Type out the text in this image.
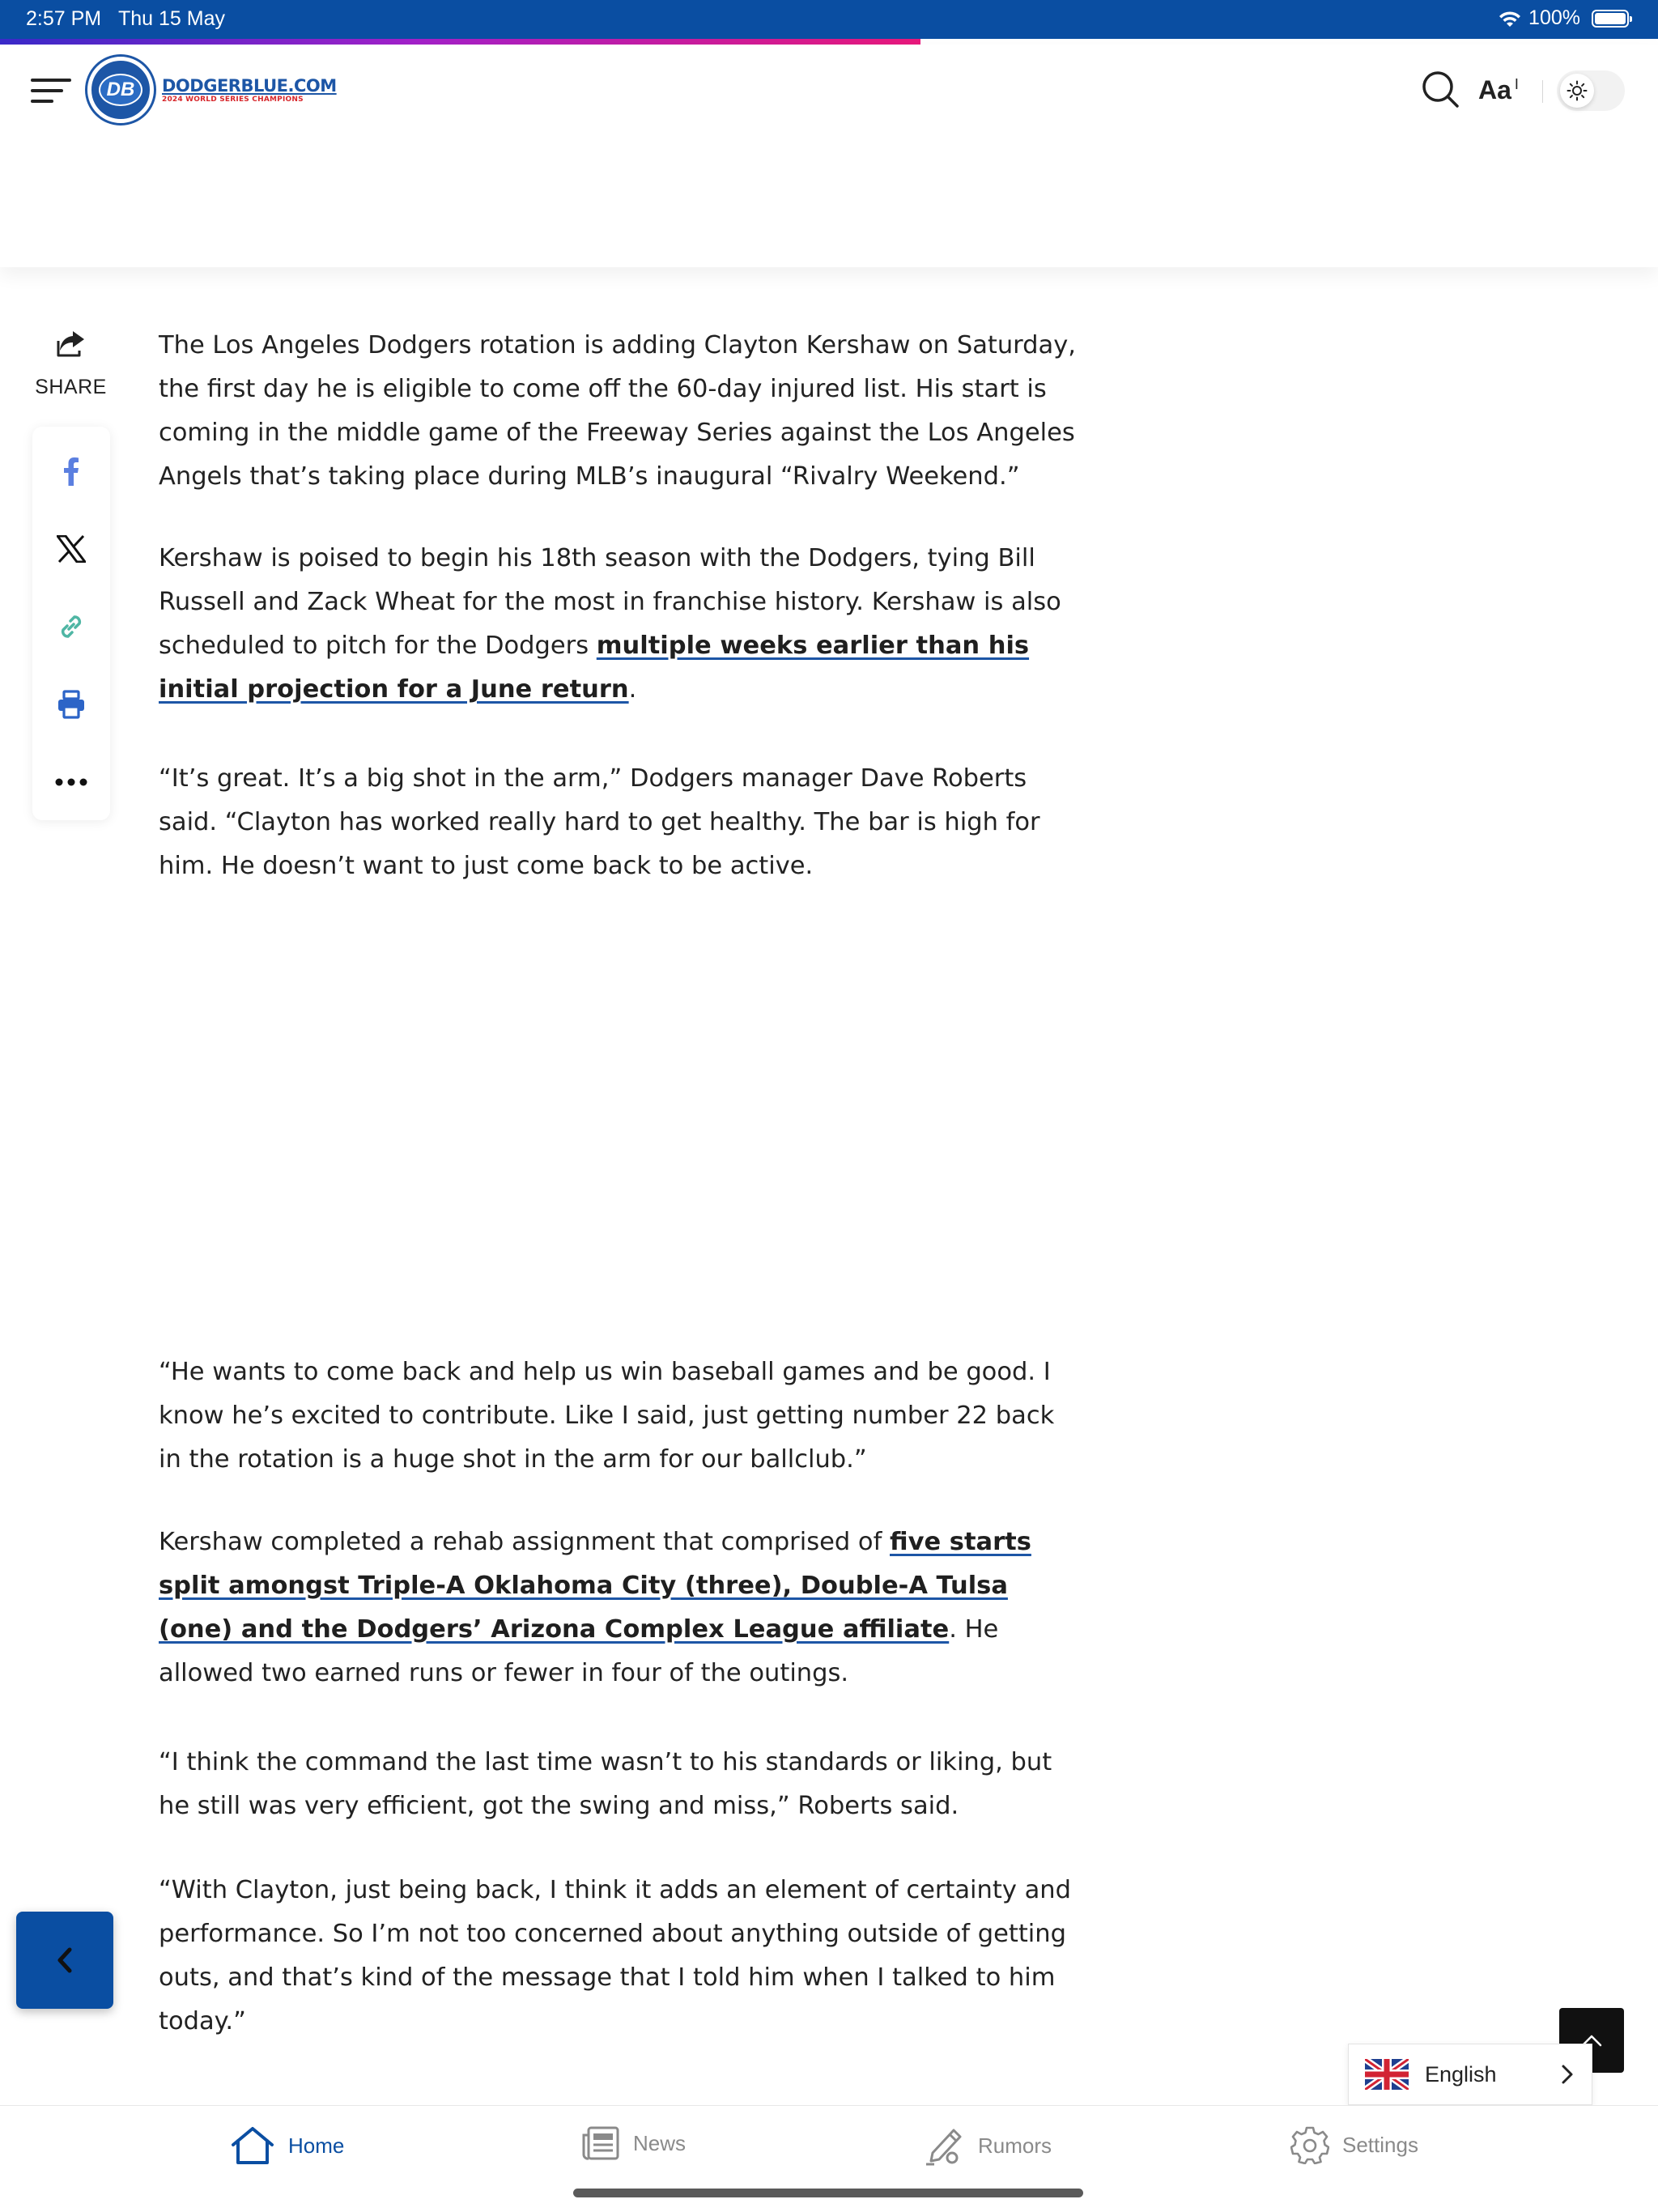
2:57 PM Thu 15 May	100%
DB	DODGERBLUE.COM
2024 WORLD SERIES CHAMPIONS	Aa $^I$
SHARE

The Los Angeles Dodgers rotation is adding Clayton Kershaw on Saturday, the first day he is eligible to come off the 60-day injured list. His start is coming in the middle game of the Freeway Series against the Los Angeles Angels that’s taking place during MLB’s inaugural “Rivalry Weekend.”

Kershaw is poised to begin his 18th season with the Dodgers, tying Bill Russell and Zack Wheat for the most in franchise history. Kershaw is also scheduled to pitch for the Dodgers multiple weeks earlier than his initial projection for a June return.

“It’s great. It’s a big shot in the arm,” Dodgers manager Dave Roberts said. “Clayton has worked really hard to get healthy. The bar is high for him. He doesn’t want to just come back to be active.

“He wants to come back and help us win baseball games and be good. I know he’s excited to contribute. Like I said, just getting number 22 back in the rotation is a huge shot in the arm for our ballclub.”

Kershaw completed a rehab assignment that comprised of five starts split amongst Triple-A Oklahoma City (three), Double-A Tulsa (one) and the Dodgers’ Arizona Complex League affiliate. He allowed two earned runs or fewer in four of the outings.

“I think the command the last time wasn’t to his standards or liking, but he still was very efficient, got the swing and miss,” Roberts said.

“With Clayton, just being back, I think it adds an element of certainty and performance. So I’m not too concerned about anything outside of getting outs, and that’s kind of the message that I told him when I talked to him today.”

English
Home	News	Rumors	Settings
